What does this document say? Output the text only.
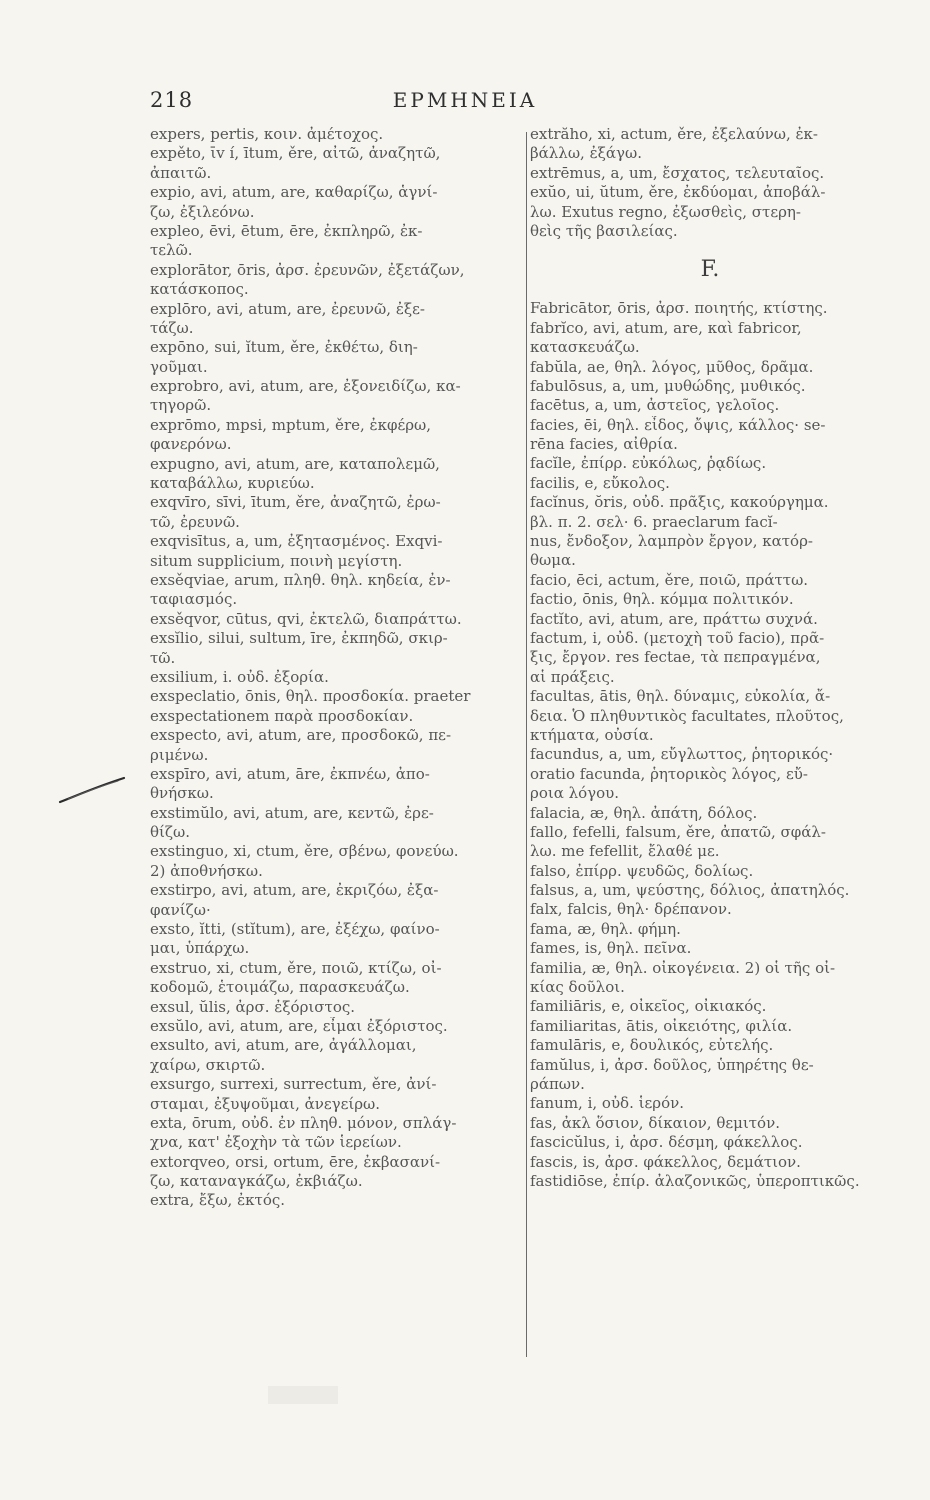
218	ΕΡΜΗΝΕΙΑ
expers, pertis, κοιν. ἀμέτοχος.
expěto, ῑv í, ītum, ěre, αἰτῶ, ἀναζητῶ,
ἀπαιτῶ.
expio, avi, atum, are, καθαρίζω, ἁγνί-
ζω, ἐξιλεόνω.
expleo, ēvi, ētum, ēre, ἐκπληρῶ, ἐκ-
τελῶ.
explorātor, ōris, ἀρσ. ἐρευνῶν, ἐξετάζων,
κατάσκοπος.
explōro, avi, atum, are, ἐρευνῶ, ἐξε-
τάζω.
expōno, sui, ĭtum, ěre, ἐκθέτω, διη-
γοῦμαι.
exprobro, avi, atum, are, ἐξονειδίζω, κα-
τηγορῶ.
exprōmo, mpsi, mptum, ěre, ἐκφέρω,
φανερόνω.
expugno, avi, atum, are, καταπολεμῶ,
καταβάλλω, κυριεύω.
exqvīro, sīvi, ītum, ěre, ἀναζητῶ, ἐρω-
τῶ, ἐρευνῶ.
exqvisītus, a, um, ἐξητασμένος. Exqvi-
situm supplicium, ποινὴ μεγίστη.
exsěqviae, arum, πληθ. θηλ. κηδεία, ἐν-
ταφιασμός.
exsěqvor, cūtus, qvi, ἐκτελῶ, διαπράττω.
exsĭlio, silui, sultum, īre, ἐκπηδῶ, σκιρ-
τῶ.
exsilium, i. οὐδ. ἐξορία.
exspeclatio, ōnis, θηλ. προσδοκία. praeter
exspectationem παρὰ προσδοκίαν.
exspecto, avi, atum, are, προσδοκῶ, πε-
ριμένω.
exspīro, avi, atum, āre, ἐκπνέω, ἀπο-
θνήσκω.
exstimŭlo, avi, atum, are, κεντῶ, ἐρε-
θίζω.
exstinguo, xi, ctum, ěre, σβένω, φονεύω.
2) ἀποθνήσκω.
exstirpo, avi, atum, are, ἐκριζόω, ἐξα-
φανίζω·
exsto, ĭtti, (stĭtum), are, ἐξέχω, φαίνο-
μαι, ὑπάρχω.
exstruo, xi, ctum, ěre, ποιῶ, κτίζω, οἰ-
κοδομῶ, ἑτοιμάζω, παρασκευάζω.
exsul, ŭlis, ἀρσ. ἐξόριστος.
exsŭlo, avi, atum, are, εἶμαι ἐξόριστος.
exsulto, avi, atum, are, ἀγάλλομαι,
χαίρω, σκιρτῶ.
exsurgo, surrexi, surrectum, ěre, ἀνί-
σταμαι, ἐξυψοῦμαι, ἀνεγείρω.
exta, ōrum, οὐδ. ἐν πληθ. μόνον, σπλάγ-
χνα, κατ' ἐξοχὴν τὰ τῶν ἱερείων.
extorqveo, orsi, ortum, ēre, ἐκβασανί-
ζω, καταναγκάζω, ἐκβιάζω.
extra, ἔξω, ἐκτός.
extrăho, xi, actum, ěre, ἐξελαύνω, ἐκ-
βάλλω, ἐξάγω.
extrēmus, a, um, ἔσχατος, τελευταῖος.
exŭo, ui, ŭtum, ěre, ἐκδύομαι, ἀποβάλ-
λω. Exutus regno, ἐξωσθεὶς, στερη-
θεὶς τῆς βασιλείας.
F.
Fabricātor, ōris, ἀρσ. ποιητής, κτίστης.
fabrĭco, avi, atum, are, καὶ fabricor,
κατασκευάζω.
fabŭla, ae, θηλ. λόγος, μῦθος, δρᾶμα.
fabulōsus, a, um, μυθώδης, μυθικός.
facētus, a, um, ἀστεῖος, γελοῖος.
facies, ēi, θηλ. εἶδος, ὄψις, κάλλος· se-
rēna facies, αἰθρία.
facĭle, ἐπίρρ. εὐκόλως, ῥᾳδίως.
facilis, e, εὔκολος.
facĭnus, ŏris, οὐδ. πρᾶξις, κακούργημα.
βλ. π. 2. σελ· 6. praeclarum facĭ-
nus, ἔνδοξον, λαμπρὸν ἔργον, κατόρ-
θωμα.
facio, ēci, actum, ěre, ποιῶ, πράττω.
factio, ōnis, θηλ. κόμμα πολιτικόν.
factĭto, avi, atum, are, πράττω συχνά.
factum, i, οὐδ. (μετοχὴ τοῦ facio), πρᾶ-
ξις, ἔργον. res fectae, τὰ πεπραγμένα,
αἱ πράξεις.
facultas, ātis, θηλ. δύναμις, εὐκολία, ἄ-
δεια. Ὁ πληθυντικὸς facultates, πλοῦτος,
κτήματα, οὐσία.
facundus, a, um, εὔγλωττος, ῥητορικός·
oratio facunda, ῥητορικὸς λόγος, εὔ-
ροια λόγου.
falacia, æ, θηλ. ἀπάτη, δόλος.
fallo, fefelli, falsum, ěre, ἀπατῶ, σφάλ-
λω. me fefellit, ἔλαθέ με.
falso, ἐπίρρ. ψευδῶς, δολίως.
falsus, a, um, ψεύστης, δόλιος, ἀπατηλός.
falx, falcis, θηλ· δρέπανον.
fama, æ, θηλ. φήμη.
fames, is, θηλ. πεῖνα.
familia, æ, θηλ. οἰκογένεια. 2) οἱ τῆς οἰ-
κίας δοῦλοι.
familiāris, e, οἰκεῖος, οἰκιακός.
familiaritas, ātis, οἰκειότης, φιλία.
famulāris, e, δουλικός, εὐτελής.
famŭlus, i, ἀρσ. δοῦλος, ὑπηρέτης θε-
ράπων.
fanum, i, οὐδ. ἱερόν.
fas, ἀκλ ὅσιον, δίκαιον, θεμιτόν.
fascicŭlus, i, ἀρσ. δέσμη, φάκελλος.
fascis, is, ἀρσ. φάκελλος, δεμάτιον.
fastidiōse, ἐπίρ. ἀλαζονικῶς, ὑπεροπτικῶς.
